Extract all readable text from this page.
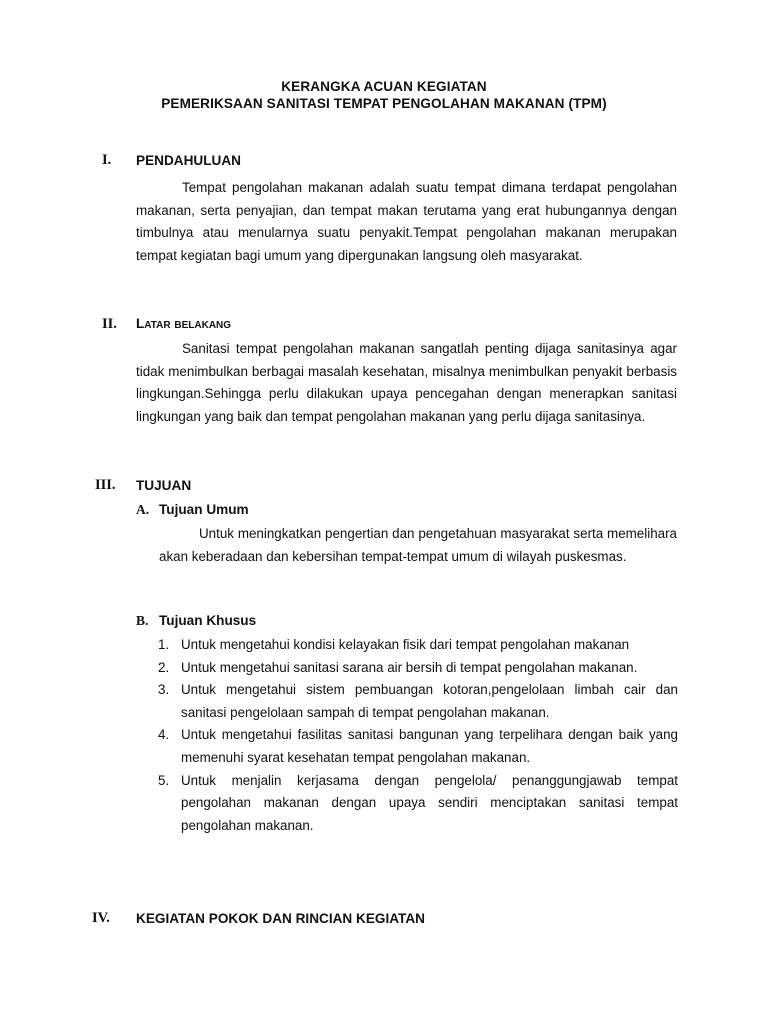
KERANGKA ACUAN KEGIATAN
PEMERIKSAAN SANITASI TEMPAT PENGOLAHAN MAKANAN (TPM)
I. PENDAHULUAN

Tempat pengolahan makanan adalah suatu tempat dimana terdapat pengolahan makanan, serta penyajian, dan tempat makan terutama yang erat hubungannya dengan timbulnya atau menularnya suatu penyakit.Tempat pengolahan makanan merupakan tempat kegiatan bagi umum yang dipergunakan langsung oleh masyarakat.

II. Latar belakang

Sanitasi tempat pengolahan makanan sangatlah penting dijaga sanitasinya agar tidak menimbulkan berbagai masalah kesehatan, misalnya menimbulkan penyakit berbasis lingkungan.Sehingga perlu dilakukan upaya pencegahan dengan menerapkan sanitasi lingkungan yang baik dan tempat pengolahan makanan yang perlu dijaga sanitasinya.

III. TUJUAN
A. Tujuan Umum

Untuk meningkatkan pengertian dan pengetahuan masyarakat serta memelihara akan keberadaan dan kebersihan tempat-tempat umum di wilayah puskesmas.

B. Tujuan Khusus
1. Untuk mengetahui kondisi kelayakan fisik dari tempat pengolahan makanan
2. Untuk mengetahui sanitasi sarana air bersih di tempat pengolahan makanan.
3. Untuk mengetahui sistem pembuangan kotoran,pengelolaan limbah cair dan sanitasi pengelolaan sampah di tempat pengolahan makanan.
4. Untuk mengetahui fasilitas sanitasi bangunan yang terpelihara dengan baik yang memenuhi syarat kesehatan tempat pengolahan makanan.
5. Untuk menjalin kerjasama dengan pengelola/ penanggungjawab tempat pengolahan makanan dengan upaya sendiri menciptakan sanitasi tempat pengolahan makanan.
IV. KEGIATAN POKOK DAN RINCIAN KEGIATAN
